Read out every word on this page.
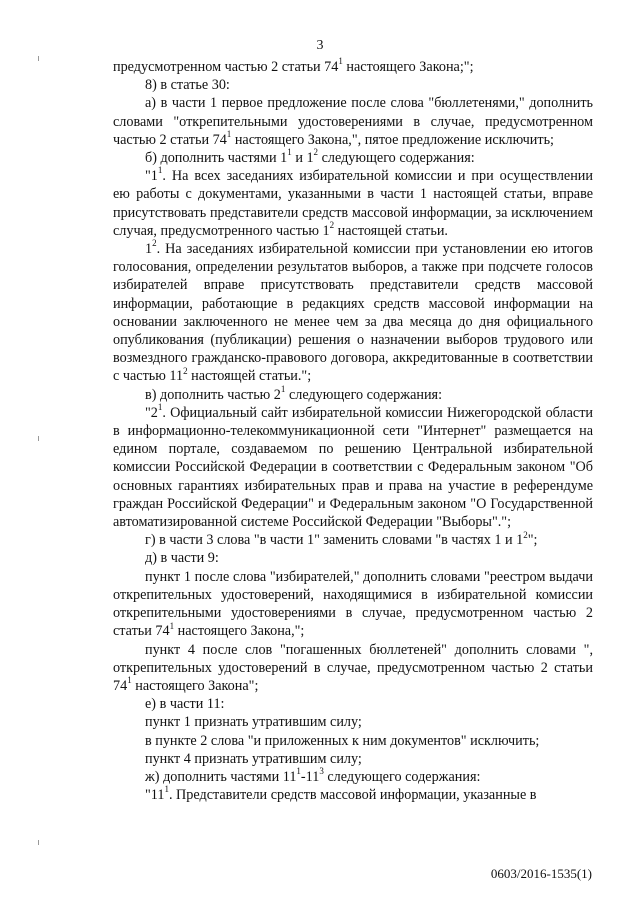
3

предусмотренном частью 2 статьи $74^1$ настоящего Закона;";

8) в статье 30:

а) в части 1 первое предложение после слова "бюллетенями," дополнить словами "открепительными удостоверениями в случае, предусмотренном частью 2 статьи $74^1$ настоящего Закона,", пятое предложение исключить;

б) дополнить частями $1^1$ и $1^2$ следующего содержания:

"$1^1$. На всех заседаниях избирательной комиссии и при осуществлении ею работы с документами, указанными в части 1 настоящей статьи, вправе присутствовать представители средств массовой информации, за исключением случая, предусмотренного частью $1^2$ настоящей статьи.

$1^2$. На заседаниях избирательной комиссии при установлении ею итогов голосования, определении результатов выборов, а также при подсчете голосов избирателей вправе присутствовать представители средств массовой информации, работающие в редакциях средств массовой информации на основании заключенного не менее чем за два месяца до дня официального опубликования (публикации) решения о назначении выборов трудового или возмездного гражданско-правового договора, аккредитованные в соответствии с частью $11^2$ настоящей статьи.";

в) дополнить частью $2^1$ следующего содержания:

"$2^1$. Официальный сайт избирательной комиссии Нижегородской области в информационно-телекоммуникационной сети "Интернет" размещается на едином портале, создаваемом по решению Центральной избирательной комиссии Российской Федерации в соответствии с Федеральным законом "Об основных гарантиях избирательных прав и права на участие в референдуме граждан Российской Федерации" и Федеральным законом "О Государственной автоматизированной системе Российской Федерации "Выборы".";

г) в части 3 слова "в части 1" заменить словами "в частях 1 и $1^2$";

д) в части 9:

пункт 1 после слова "избирателей," дополнить словами "реестром выдачи открепительных удостоверений, находящимися в избирательной комиссии открепительными удостоверениями в случае, предусмотренном частью 2 статьи $74^1$ настоящего Закона,";

пункт 4 после слов "погашенных бюллетеней" дополнить словами ", открепительных удостоверений в случае, предусмотренном частью 2 статьи $74^1$ настоящего Закона";

е) в части 11:

пункт 1 признать утратившим силу;

в пункте 2 слова "и приложенных к ним документов" исключить;

пункт 4 признать утратившим силу;

ж) дополнить частями $11^1-11^3$ следующего содержания:

"$11^1$. Представители средств массовой информации, указанные в

0603/2016-1535(1)
